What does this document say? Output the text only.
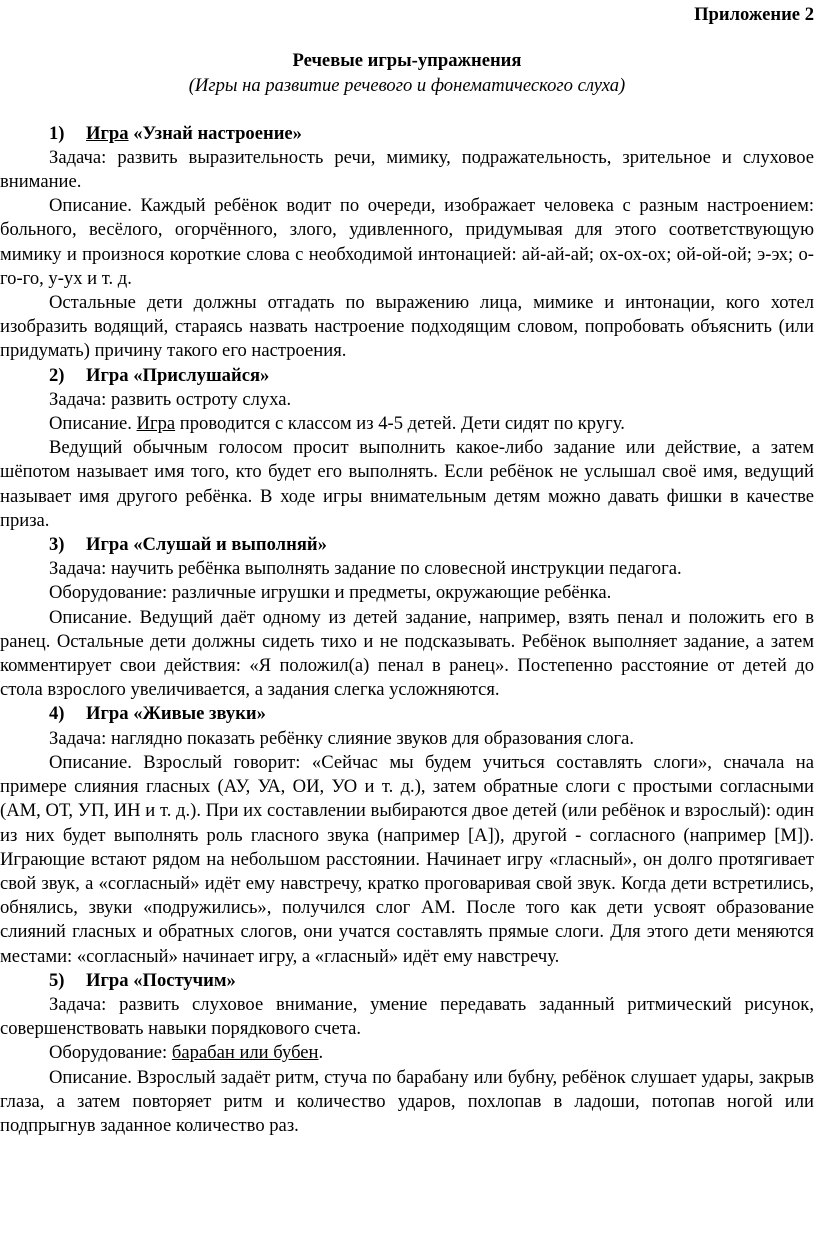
Приложение 2

Речевые игры-упражнения

(Игры на развитие речевого и фонематического слуха)

1) Игра «Узнай настроение»

Задача: развить выразительность речи, мимику, подражательность, зрительное и слуховое внимание.

Описание. Каждый ребёнок водит по очереди, изображает человека с разным настроением: больного, весёлого, огорчённого, злого, удивленного, придумывая для этого соответствующую мимику и произнося короткие слова с необходимой интонацией: ай-ай-ай; ох-ох-ох; ой-ой-ой; э-эх; о-го-го, у-ух и т. д.

Остальные дети должны отгадать по выражению лица, мимике и интонации, кого хотел изобразить водящий, стараясь назвать настроение подходящим словом, попробовать объяснить (или придумать) причину такого его настроения.

2) Игра «Прислушайся»

Задача: развить остроту слуха.

Описание. Игра проводится с классом из 4-5 детей. Дети сидят по кругу.

Ведущий обычным голосом просит выполнить какое-либо задание или действие, а затем шёпотом называет имя того, кто будет его выполнять. Если ребёнок не услышал своё имя, ведущий называет имя другого ребёнка. В ходе игры внимательным детям можно давать фишки в качестве приза.

3) Игра «Слушай и выполняй»

Задача: научить ребёнка выполнять задание по словесной инструкции педагога.

Оборудование: различные игрушки и предметы, окружающие ребёнка.

Описание. Ведущий даёт одному из детей задание, например, взять пенал и положить его в ранец. Остальные дети должны сидеть тихо и не подсказывать. Ребёнок выполняет задание, а затем комментирует свои действия: «Я положил(а) пенал в ранец». Постепенно расстояние от детей до стола взрослого увеличивается, а задания слегка усложняются.

4) Игра «Живые звуки»

Задача: наглядно показать ребёнку слияние звуков для образования слога.

Описание. Взрослый говорит: «Сейчас мы будем учиться составлять слоги», сначала на примере слияния гласных (АУ, УА, ОИ, УО и т. д.), затем обратные слоги с простыми согласными (АМ, ОТ, УП, ИН и т. д.). При их составлении выбираются двое детей (или ребёнок и взрослый): один из них будет выполнять роль гласного звука (например [А]), другой - согласного (например [М]). Играющие встают рядом на небольшом расстоянии. Начинает игру «гласный», он долго протягивает свой звук, а «согласный» идёт ему навстречу, кратко проговаривая свой звук. Когда дети встретились, обнялись, звуки «подружились», получился слог АМ. После того как дети усвоят образование слияний гласных и обратных слогов, они учатся составлять прямые слоги. Для этого дети меняются местами: «согласный» начинает игру, а «гласный» идёт ему навстречу.

5) Игра «Постучим»

Задача: развить слуховое внимание, умение передавать заданный ритмический рисунок, совершенствовать навыки порядкового счета.

Оборудование: барабан или бубен.

Описание. Взрослый задаёт ритм, стуча по барабану или бубну, ребёнок слушает удары, закрыв глаза, а затем повторяет ритм и количество ударов, похлопав в ладоши, потопав ногой или подпрыгнув заданное количество раз.
